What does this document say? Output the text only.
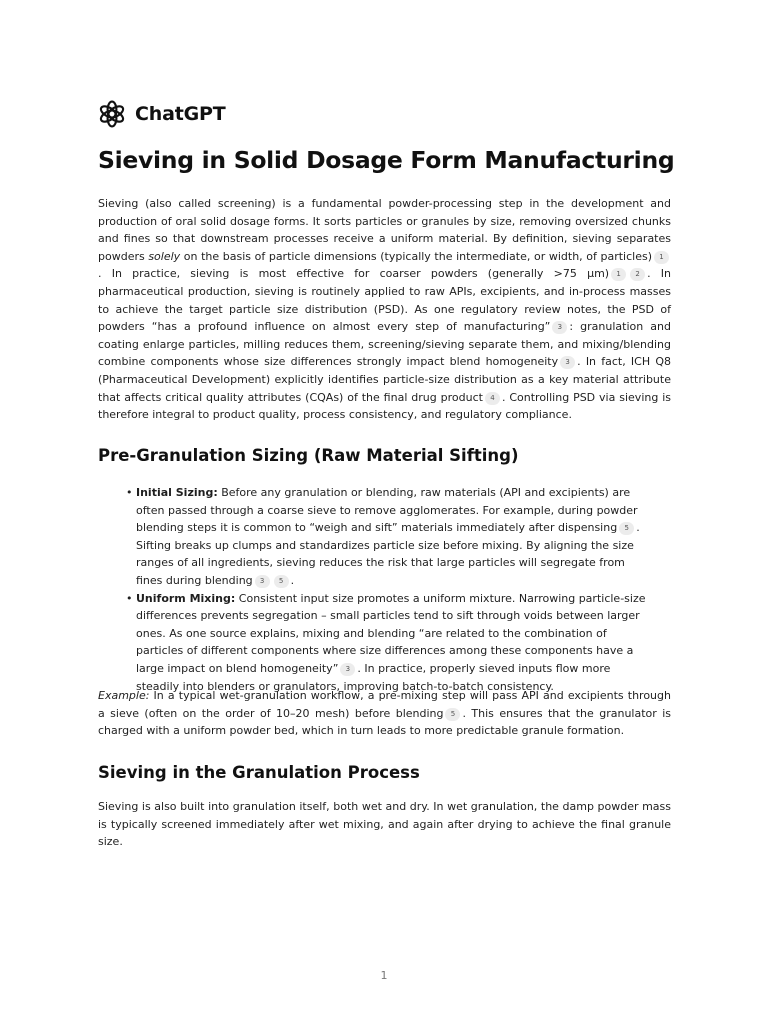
ChatGPT
Sieving in Solid Dosage Form Manufacturing

Sieving (also called screening) is a fundamental powder-processing step in the development and production of oral solid dosage forms. It sorts particles or granules by size, removing oversized chunks and fines so that downstream processes receive a uniform material. By definition, sieving separates powders solely on the basis of particle dimensions (typically the intermediate, or width, of particles) 1. In practice, sieving is most effective for coarser powders (generally >75 µm) 1 2 . In pharmaceutical production, sieving is routinely applied to raw APIs, excipients, and in-process masses to achieve the target particle size distribution (PSD). As one regulatory review notes, the PSD of powders “has a profound influence on almost every step of manufacturing” 3 : granulation and coating enlarge particles, milling reduces them, screening/sieving separate them, and mixing/blending combine components whose size differences strongly impact blend homogeneity 3 . In fact, ICH Q8 (Pharmaceutical Development) explicitly identifies particle-size distribution as a key material attribute that affects critical quality attributes (CQAs) of the final drug product 4 . Controlling PSD via sieving is therefore integral to product quality, process consistency, and regulatory compliance.

Pre-Granulation Sizing (Raw Material Sifting)
• Initial Sizing: Before any granulation or blending, raw materials (API and excipients) are often passed through a coarse sieve to remove agglomerates. For example, during powder blending steps it is common to “weigh and sift” materials immediately after dispensing 5 . Sifting breaks up clumps and standardizes particle size before mixing. By aligning the size ranges of all ingredients, sieving reduces the risk that large particles will segregate from fines during blending 3 5 .
• Uniform Mixing: Consistent input size promotes a uniform mixture. Narrowing particle-size differences prevents segregation – small particles tend to sift through voids between larger ones. As one source explains, mixing and blending “are related to the combination of particles of different components where size differences among these components have a large impact on blend homogeneity” 3 . In practice, properly sieved inputs flow more steadily into blenders or granulators, improving batch-to-batch consistency.

Example: In a typical wet-granulation workflow, a pre-mixing step will pass API and excipients through a sieve (often on the order of 10–20 mesh) before blending 5 . This ensures that the granulator is charged with a uniform powder bed, which in turn leads to more predictable granule formation.

Sieving in the Granulation Process

Sieving is also built into granulation itself, both wet and dry. In wet granulation, the damp powder mass is typically screened immediately after wet mixing, and again after drying to achieve the final granule size.

1
